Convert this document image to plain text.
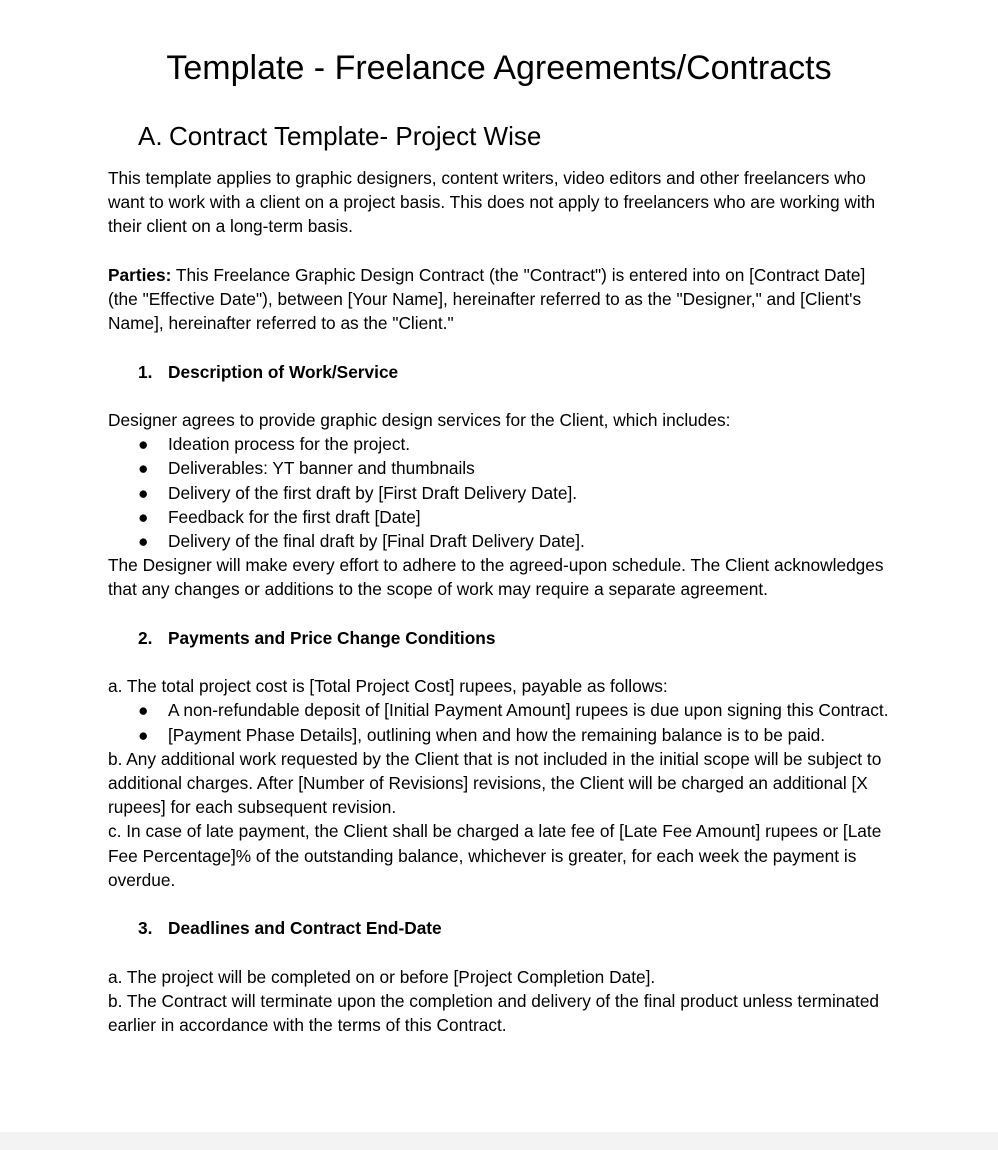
Template - Freelance Agreements/Contracts
A. Contract Template- Project Wise

This template applies to graphic designers, content writers, video editors and other freelancers who want to work with a client on a project basis. This does not apply to freelancers who are working with their client on a long-term basis.

Parties: This Freelance Graphic Design Contract (the "Contract") is entered into on [Contract Date] (the "Effective Date"), between [Your Name], hereinafter referred to as the "Designer," and [Client's Name], hereinafter referred to as the "Client."

1. Description of Work/Service

Designer agrees to provide graphic design services for the Client, which includes:

● Ideation process for the project.
● Deliverables: YT banner and thumbnails
● Delivery of the first draft by [First Draft Delivery Date].
● Feedback for the first draft [Date]
● Delivery of the final draft by [Final Draft Delivery Date].

The Designer will make every effort to adhere to the agreed-upon schedule. The Client acknowledges that any changes or additions to the scope of work may require a separate agreement.

2. Payments and Price Change Conditions

a. The total project cost is [Total Project Cost] rupees, payable as follows:

● A non-refundable deposit of [Initial Payment Amount] rupees is due upon signing this Contract.
● [Payment Phase Details], outlining when and how the remaining balance is to be paid.

b. Any additional work requested by the Client that is not included in the initial scope will be subject to additional charges. After [Number of Revisions] revisions, the Client will be charged an additional [X rupees] for each subsequent revision.

c. In case of late payment, the Client shall be charged a late fee of [Late Fee Amount] rupees or [Late Fee Percentage]% of the outstanding balance, whichever is greater, for each week the payment is overdue.

3. Deadlines and Contract End-Date

a. The project will be completed on or before [Project Completion Date].

b. The Contract will terminate upon the completion and delivery of the final product unless terminated earlier in accordance with the terms of this Contract.
